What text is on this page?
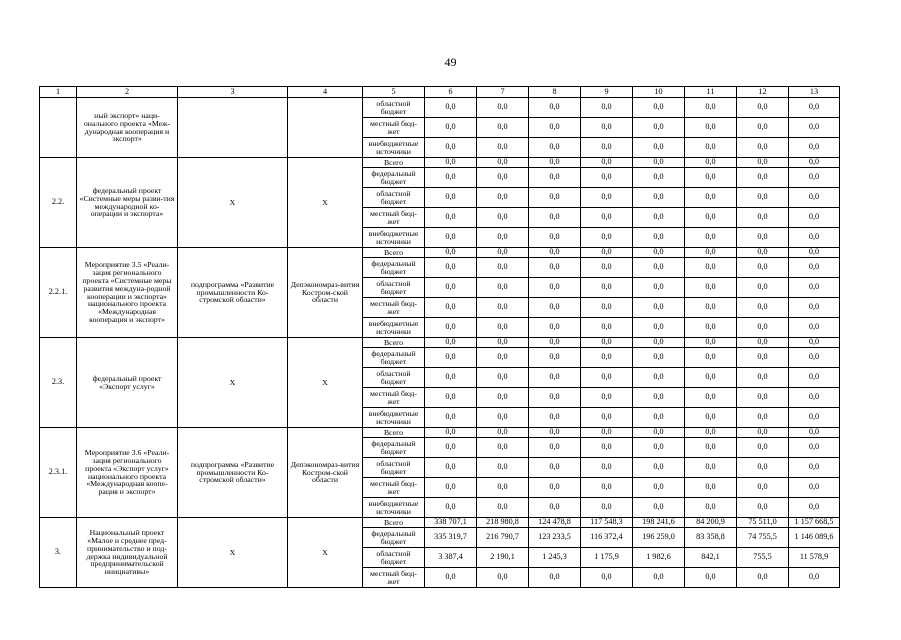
49
1	2	3	4	5	6	7	8	9	10	11	12	13
	ный экспорт» наци-онального проекта «Меж-дународная кооперация и экспорт»			областной бюджет	0,0	0,0	0,0	0,0	0,0	0,0	0,0	0,0
				местный бюд-жет	0,0	0,0	0,0	0,0	0,0	0,0	0,0	0,0
				внебюджетные источники	0,0	0,0	0,0	0,0	0,0	0,0	0,0	0,0
2.2.	федеральный проект «Системные меры разви-тия международной ко-операции и экспорта»	X	X	Всего	0,0	0,0	0,0	0,0	0,0	0,0	0,0	0,0
				федеральный бюджет	0,0	0,0	0,0	0,0	0,0	0,0	0,0	0,0
				областной бюджет	0,0	0,0	0,0	0,0	0,0	0,0	0,0	0,0
				местный бюд-жет	0,0	0,0	0,0	0,0	0,0	0,0	0,0	0,0
				внебюджетные источники	0,0	0,0	0,0	0,0	0,0	0,0	0,0	0,0
2.2.1.	Мероприятие 3.5 «Реали-зация регионального проекта «Системные меры развития междуна-родной кооперации и экспорта» национального проекта «Международная кооперация и экспорт»	подпрограмма «Развитие промышленности Ко-стромской области»	Депэкономраз-вития Костром-ской области	Всего	0,0	0,0	0,0	0,0	0,0	0,0	0,0	0,0
				федеральный бюджет	0,0	0,0	0,0	0,0	0,0	0,0	0,0	0,0
				областной бюджет	0,0	0,0	0,0	0,0	0,0	0,0	0,0	0,0
				местный бюд-жет	0,0	0,0	0,0	0,0	0,0	0,0	0,0	0,0
				внебюджетные источники	0,0	0,0	0,0	0,0	0,0	0,0	0,0	0,0
2.3.	федеральный проект «Экспорт услуг»	X	X	Всего	0,0	0,0	0,0	0,0	0,0	0,0	0,0	0,0
				федеральный бюджет	0,0	0,0	0,0	0,0	0,0	0,0	0,0	0,0
				областной бюджет	0,0	0,0	0,0	0,0	0,0	0,0	0,0	0,0
				местный бюд-жет	0,0	0,0	0,0	0,0	0,0	0,0	0,0	0,0
				внебюджетные источники	0,0	0,0	0,0	0,0	0,0	0,0	0,0	0,0
2.3.1.	Мероприятие 3.6 «Реали-зация регионального проекта «Экспорт услуг» национального проекта «Международная коопе-рация и экспорт»	подпрограмма «Развитие промышленности Ко-стромской области»	Депэкономраз-вития Костром-ской области	Всего	0,0	0,0	0,0	0,0	0,0	0,0	0,0	0,0
				федеральный бюджет	0,0	0,0	0,0	0,0	0,0	0,0	0,0	0,0
				областной бюджет	0,0	0,0	0,0	0,0	0,0	0,0	0,0	0,0
				местный бюд-жет	0,0	0,0	0,0	0,0	0,0	0,0	0,0	0,0
				внебюджетные источники	0,0	0,0	0,0	0,0	0,0	0,0	0,0	0,0
3.	Национальный проект «Малое и среднее пред-принимательство и под-держка индивидуальной предпринимательской инициативы»	X	X	Всего	338 707,1	218 980,8	124 478,8	117 548,3	198 241,6	84 200,9	75 511,0	1 157 668,5
				федеральный бюджет	335 319,7	216 790,7	123 233,5	116 372,4	196 259,0	83 358,8	74 755,5	1 146 089,6
				областной бюджет	3 387,4	2 190,1	1 245,3	1 175,9	1 982,6	842,1	755,5	11 578,9
				местный бюд-жет	0,0	0,0	0,0	0,0	0,0	0,0	0,0	0,0
